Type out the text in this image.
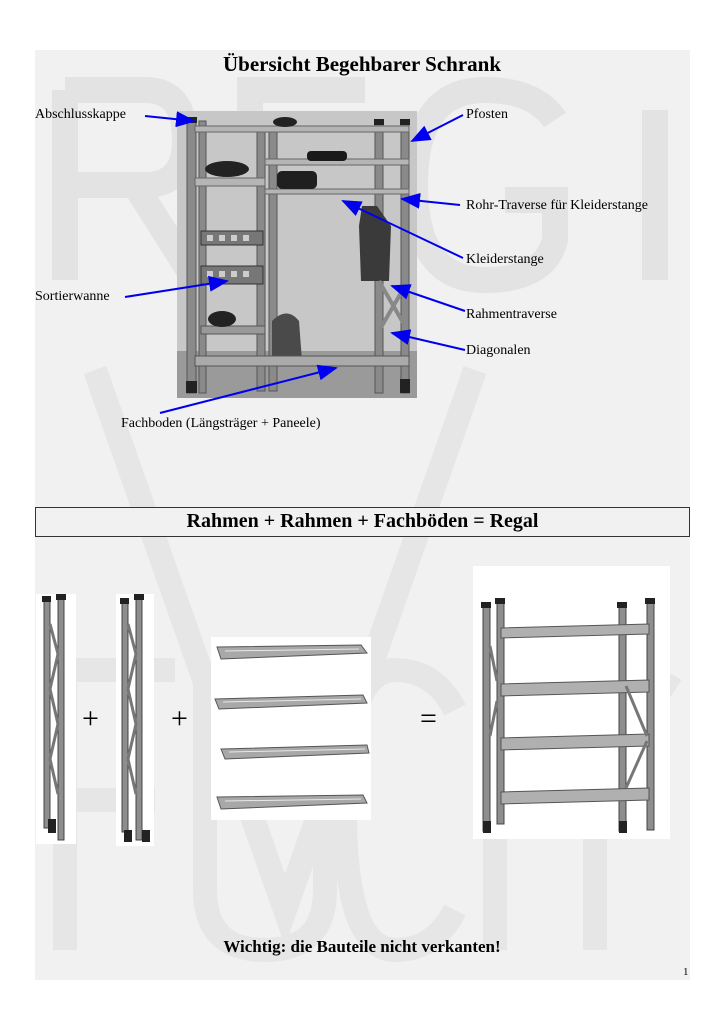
Übersicht Begehbarer Schrank
Abschlusskappe	Pfosten
Rohr-Traverse für Kleiderstange
Kleiderstange
Sortierwanne
Rahmentraverse
Diagonalen
Fachboden (Längsträger + Paneele)
Rahmen + Rahmen + Fachböden = Regal
+ +	=
Wichtig: die Bauteile nicht verkanten!
1
